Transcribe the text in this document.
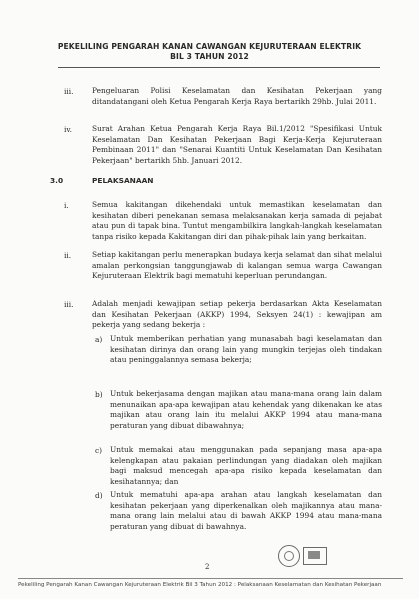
PEKELILING PENGARAH KANAN CAWANGAN KEJURUTERAAN ELEKTRIK
BIL 3 TAHUN 2012
iii.	Pengeluaran Polisi Keselamatan dan Kesihatan Pekerjaan yang ditandatangani oleh Ketua Pengarah Kerja Raya bertarikh 29hb. Julai 2011.
iv.	Surat Arahan Ketua Pengarah Kerja Raya Bil.1/2012 "Spesifikasi Untuk Keselamatan Dan Kesihatan Pekerjaan Bagi Kerja-Kerja Kejuruteraan Pembinaan 2011" dan "Senarai Kuantiti Untuk Keselamatan Dan Kesihatan Pekerjaan" bertarikh 5hb. Januari 2012.
3.0	PELAKSANAAN
i.	Semua kakitangan dikehendaki untuk memastikan keselamatan dan kesihatan diberi penekanan semasa melaksanakan kerja samada di pejabat atau pun di tapak bina. Tuntut mengambilkira langkah-langkah keselamatan tanpa risiko kepada Kakitangan diri dan pihak-pihak lain yang berkaitan.
ii.	Setiap kakitangan perlu menerapkan budaya kerja selamat dan sihat melalui amalan perkongsian tanggungjawab di kalangan semua warga Cawangan Kejuruteraan Elektrik bagi mematuhi keperluan perundangan.
iii.	Adalah menjadi kewajipan setiap pekerja berdasarkan Akta Keselamatan dan Kesihatan Pekerjaan (AKKP) 1994, Seksyen 24(1) : kewajipan am pekerja yang sedang bekerja :
a) Untuk memberikan perhatian yang munasabah bagi keselamatan dan kesihatan dirinya dan orang lain yang mungkin terjejas oleh tindakan atau peninggalannya semasa bekerja;
b) Untuk bekerjasama dengan majikan atau mana-mana orang lain dalam menunaikan apa-apa kewajipan atau kehendak yang dikenakan ke atas majikan atau orang lain itu melalui AKKP 1994 atau mana-mana peraturan yang dibuat dibawahnya;
c) Untuk memakai atau menggunakan pada sepanjang masa apa-apa kelengkapan atau pakaian perlindungan yang diadakan oleh majikan bagi maksud mencegah apa-apa risiko kepada keselamatan dan kesihatannya; dan
d) Untuk mematuhi apa-apa arahan atau langkah keselamatan dan kesihatan pekerjaan yang diperkenalkan oleh majikannya atau mana-mana orang lain melalui atau di bawah AKKP 1994 atau mana-mana peraturan yang dibuat di bawahnya.
2
Pekeliling Pengarah Kanan Cawangan Kejuruteraan Elektrik Bil 3 Tahun 2012 : Pelaksanaan Keselamatan dan Kesihatan Pekerjaan
